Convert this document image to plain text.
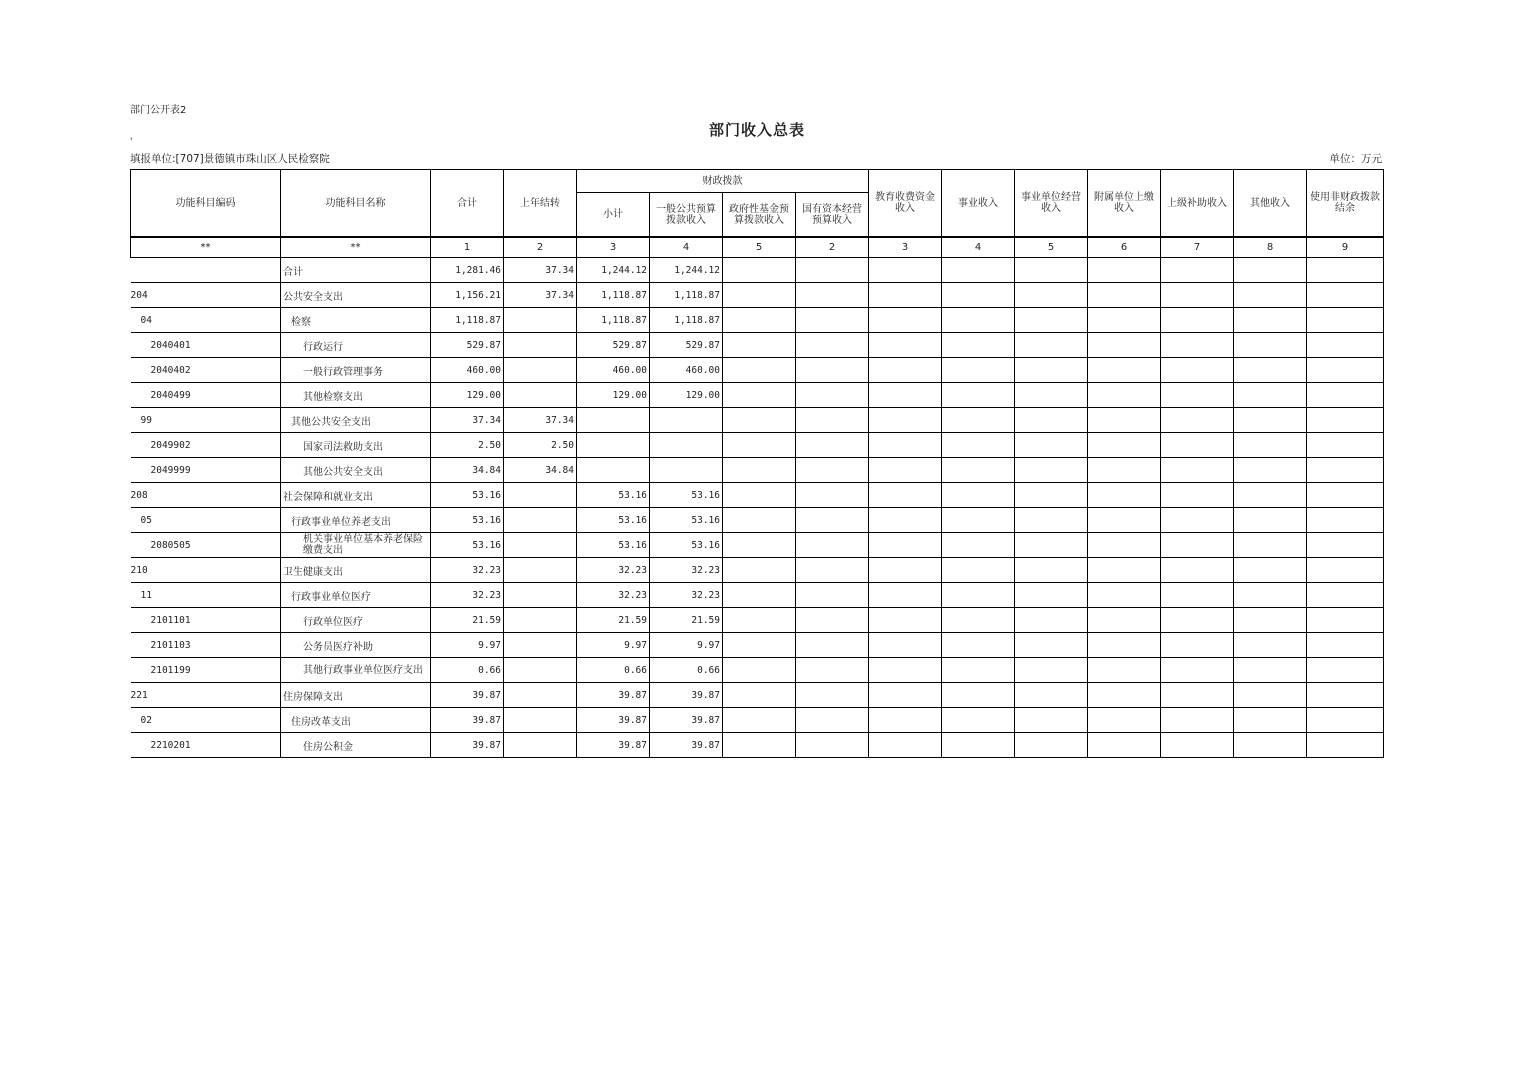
部门公开表2
部门收入总表
'
填报单位:[707]景德镇市珠山区人民检察院	单位：万元
功能科目编码	功能科目名称	合计	上年结转	财政拨款				教育收费资金收入	事业收入	事业单位经营收入	附属单位上缴收入	上级补助收入	其他收入	使用非财政拨款结余
				小计	一般公共预算拨款收入	政府性基金预算拨款收入	国有资本经营预算收入							
**	**	1	2	3	4	5	2	3	4	5	6	7	8	9
	合计	1,281.46	37.34	1,244.12	1,244.12									
204	公共安全支出	1,156.21	37.34	1,118.87	1,118.87									
04	检察	1,118.87		1,118.87	1,118.87									
2040401	行政运行	529.87		529.87	529.87									
2040402	一般行政管理事务	460.00		460.00	460.00									
2040499	其他检察支出	129.00		129.00	129.00									
99	其他公共安全支出	37.34	37.34											
2049902	国家司法救助支出	2.50	2.50											
2049999	其他公共安全支出	34.84	34.84											
208	社会保障和就业支出	53.16		53.16	53.16									
05	行政事业单位养老支出	53.16		53.16	53.16									
2080505	机关事业单位基本养老保险缴费支出	53.16		53.16	53.16									
210	卫生健康支出	32.23		32.23	32.23									
11	行政事业单位医疗	32.23		32.23	32.23									
2101101	行政单位医疗	21.59		21.59	21.59									
2101103	公务员医疗补助	9.97		9.97	9.97									
2101199	其他行政事业单位医疗支出	0.66		0.66	0.66									
221	住房保障支出	39.87		39.87	39.87									
02	住房改革支出	39.87		39.87	39.87									
2210201	住房公积金	39.87		39.87	39.87									
